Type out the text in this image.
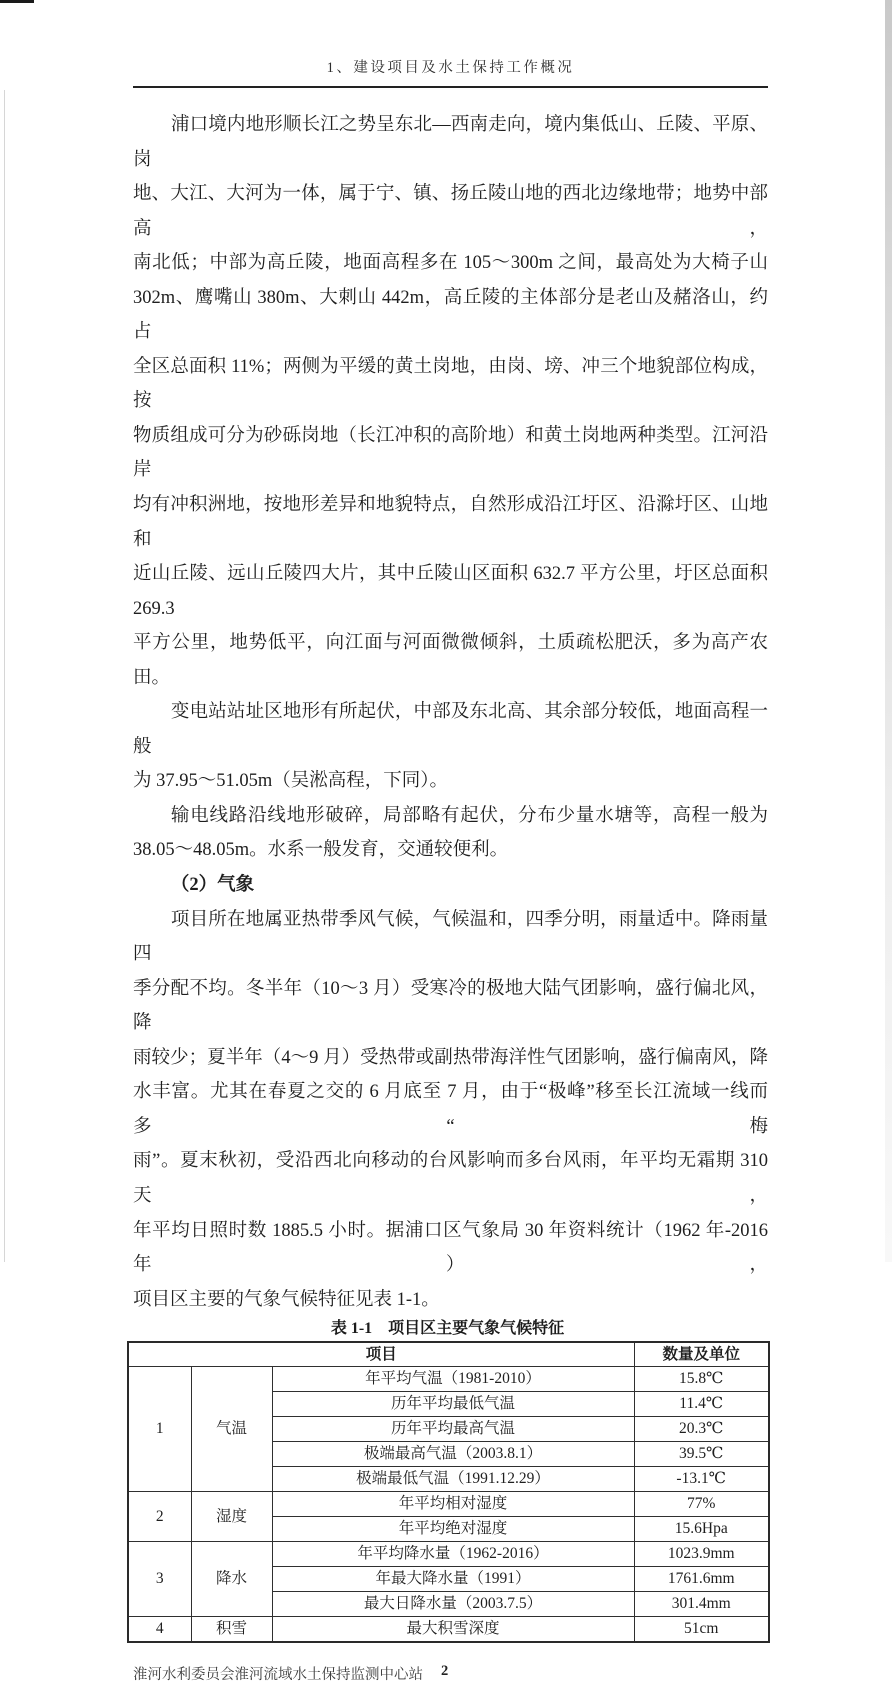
1、建设项目及水土保持工作概况
浦口境内地形顺长江之势呈东北—西南走向，境内集低山、丘陵、平原、岗
地、大江、大河为一体，属于宁、镇、扬丘陵山地的西北边缘地带；地势中部高，
南北低；中部为高丘陵，地面高程多在 105～300m 之间，最高处为大椅子山
302m、鹰嘴山 380m、大刺山 442m，高丘陵的主体部分是老山及赭洛山，约占
全区总面积 11%；两侧为平缓的黄土岗地，由岗、塝、冲三个地貌部位构成，按
物质组成可分为砂砾岗地（长江冲积的高阶地）和黄土岗地两种类型。江河沿岸
均有冲积洲地，按地形差异和地貌特点，自然形成沿江圩区、沿滁圩区、山地和
近山丘陵、远山丘陵四大片，其中丘陵山区面积 632.7 平方公里，圩区总面积 269.3
平方公里，地势低平，向江面与河面微微倾斜，土质疏松肥沃，多为高产农田。
变电站站址区地形有所起伏，中部及东北高、其余部分较低，地面高程一般
为 37.95～51.05m（吴淞高程，下同）。
输电线路沿线地形破碎，局部略有起伏，分布少量水塘等，高程一般为
38.05～48.05m。水系一般发育，交通较便利。
（2）气象
项目所在地属亚热带季风气候，气候温和，四季分明，雨量适中。降雨量四
季分配不均。冬半年（10～3 月）受寒冷的极地大陆气团影响，盛行偏北风，降
雨较少；夏半年（4～9 月）受热带或副热带海洋性气团影响，盛行偏南风，降
水丰富。尤其在春夏之交的 6 月底至 7 月，由于“极峰”移至长江流域一线而多“梅
雨”。夏末秋初，受沿西北向移动的台风影响而多台风雨，年平均无霜期 310 天，
年平均日照时数 1885.5 小时。据浦口区气象局 30 年资料统计（1962 年-2016 年），
项目区主要的气象气候特征见表 1-1。
表 1-1　项目区主要气象气候特征
项目			数量及单位
1	气温	年平均气温（1981-2010）	15.8℃
		历年平均最低气温	11.4℃
		历年平均最高气温	20.3℃
		极端最高气温（2003.8.1）	39.5℃
		极端最低气温（1991.12.29）	-13.1℃
2	湿度	年平均相对湿度	77%
		年平均绝对湿度	15.6Hpa
3	降水	年平均降水量（1962-2016）	1023.9mm
		年最大降水量（1991）	1761.6mm
		最大日降水量（2003.7.5）	301.4mm
4	积雪	最大积雪深度	51cm
淮河水利委员会淮河流域水土保持监测中心站 2
